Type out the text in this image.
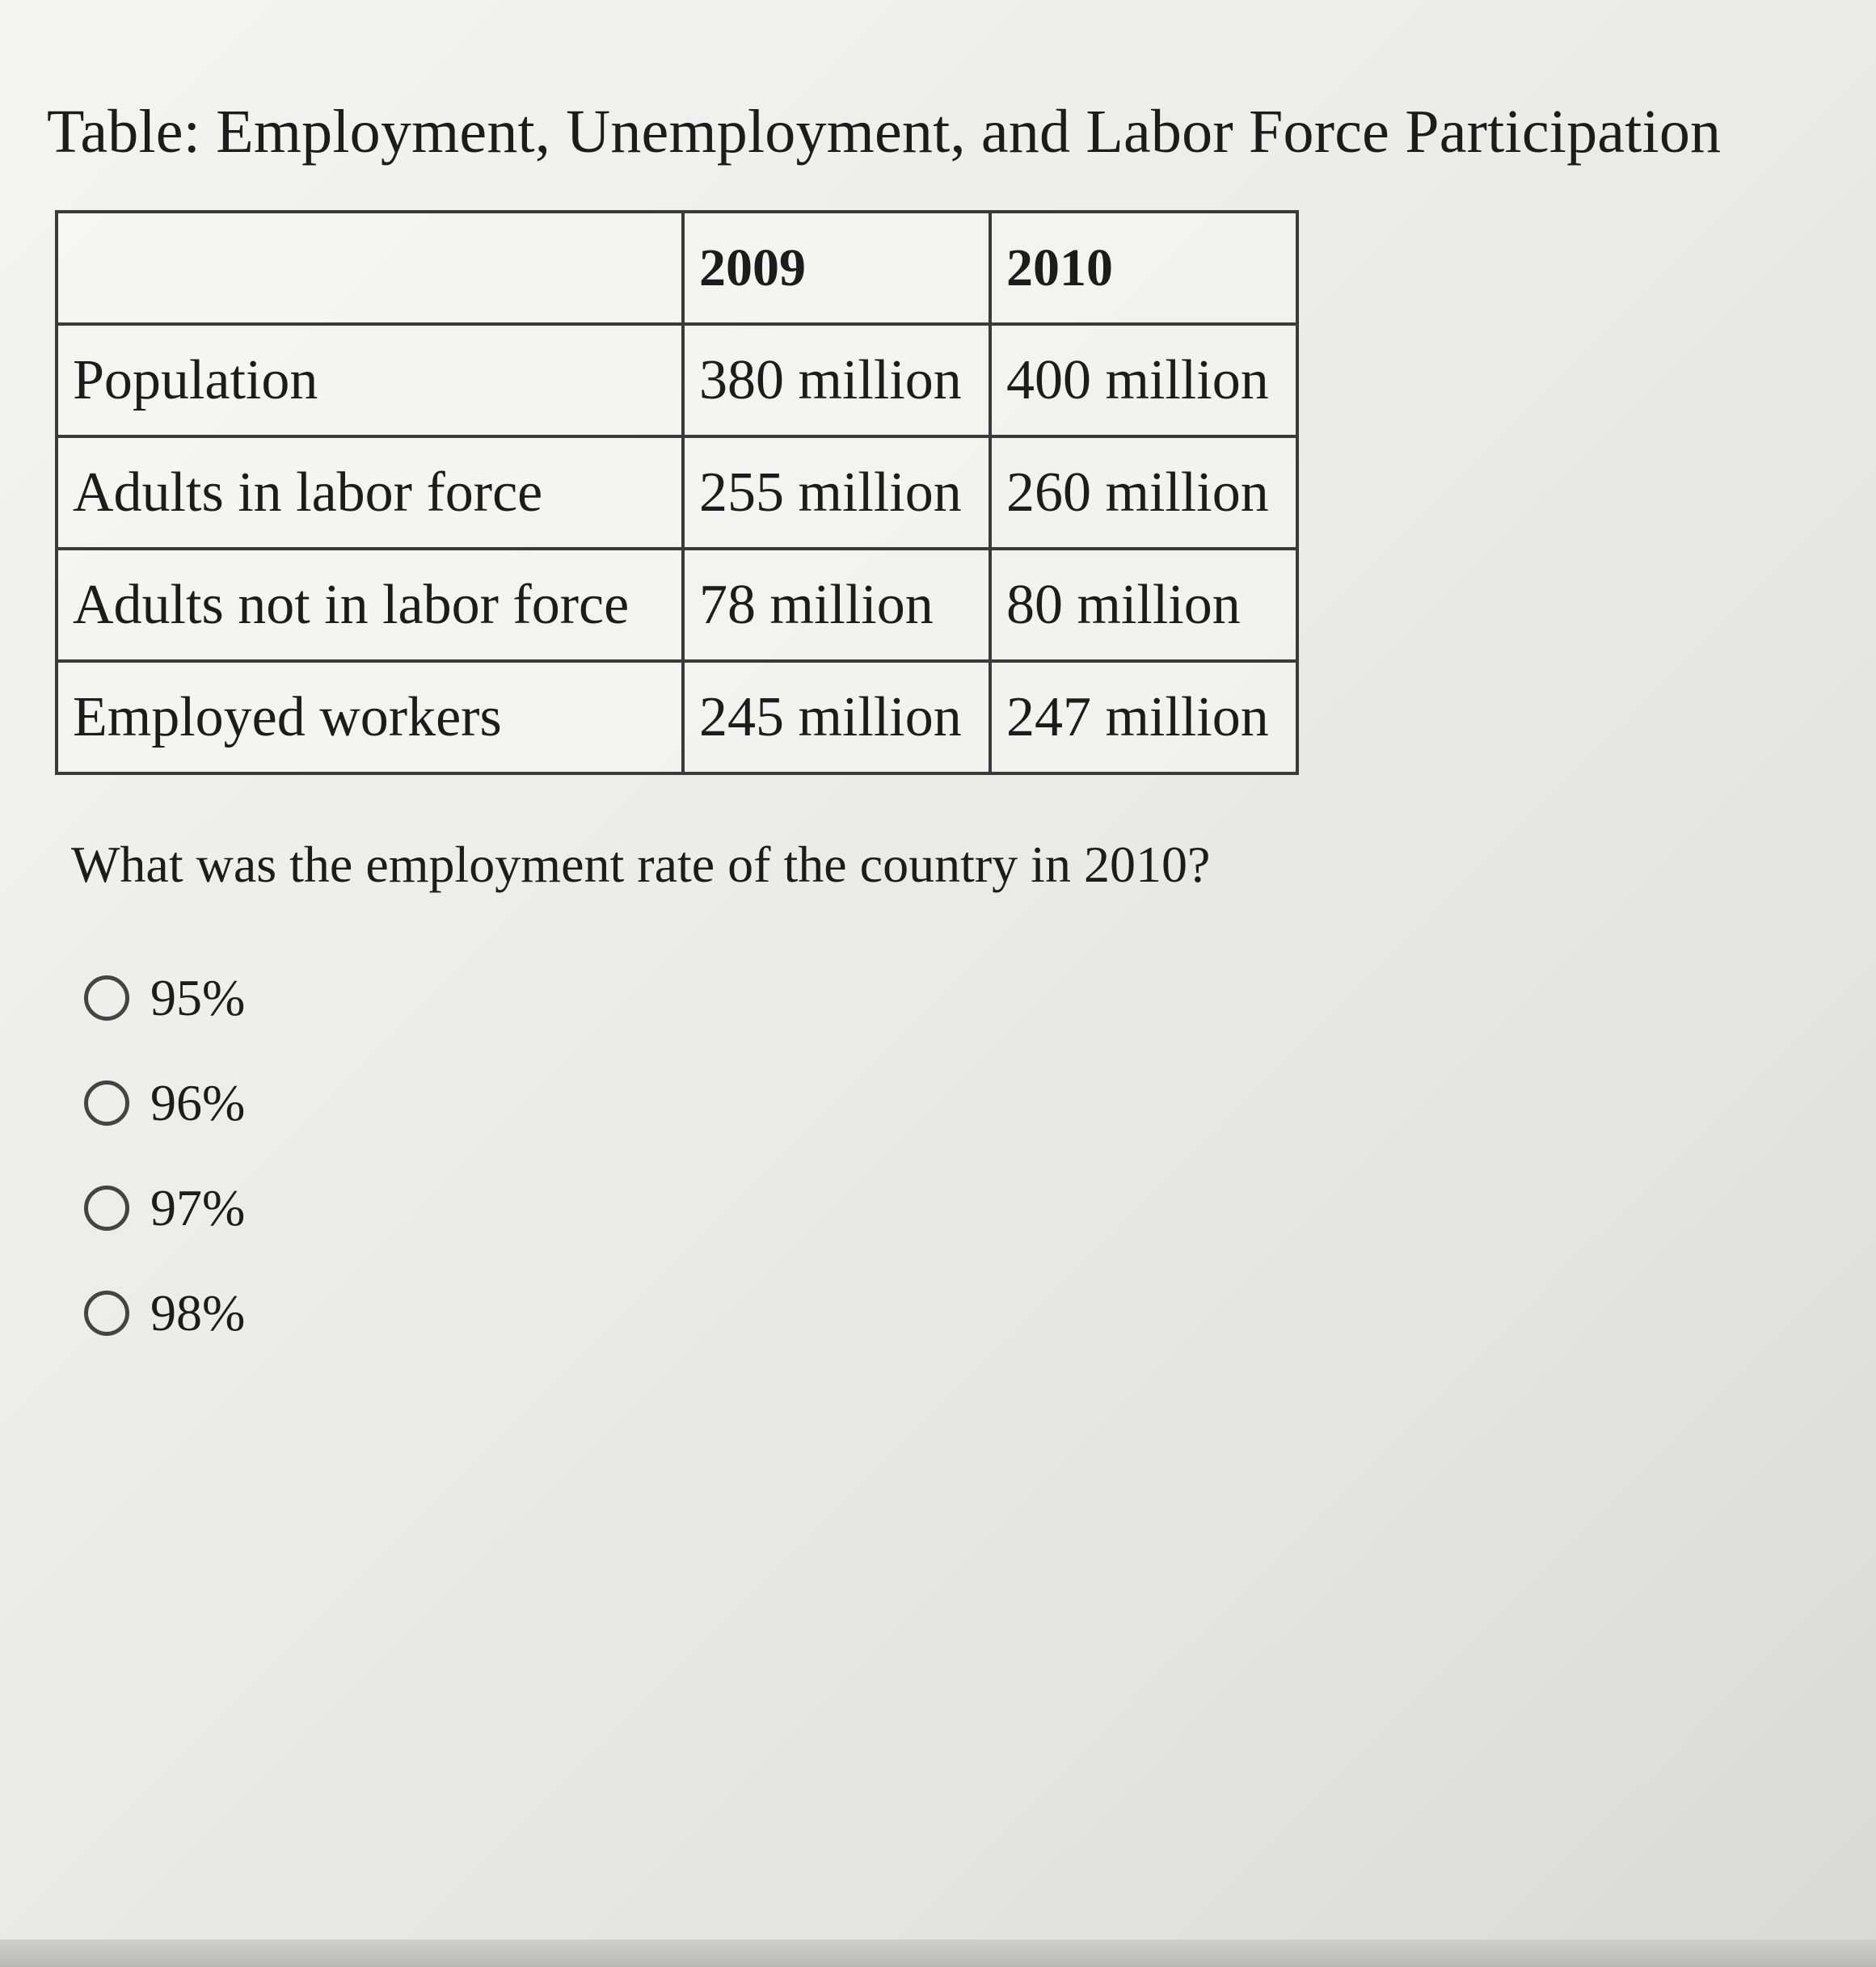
Table: Employment, Unemployment, and Labor Force Participation
	2009	2010
Population	380 million	400 million
Adults in labor force	255 million	260 million
Adults not in labor force	78 million	80 million
Employed workers	245 million	247 million
What was the employment rate of the country in 2010?
95%
96%
97%
98%
